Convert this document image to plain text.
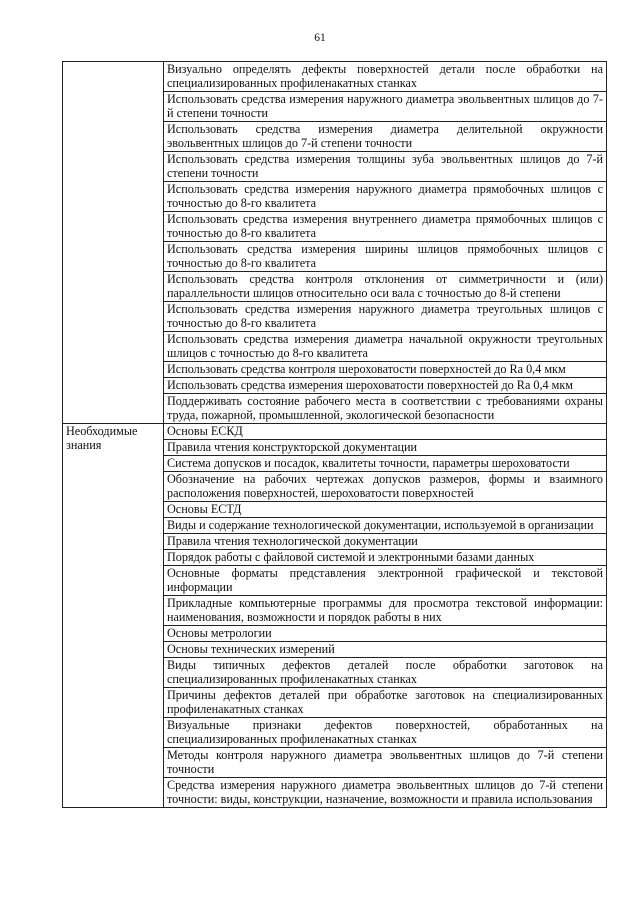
61
	Визуально определять дефекты поверхностей детали после обработки на специализированных профиленакатных станках
	Использовать средства измерения наружного диаметра эвольвентных шлицов до 7-й степени точности
	Использовать средства измерения диаметра делительной окружности эвольвентных шлицов до 7-й степени точности
	Использовать средства измерения толщины зуба эвольвентных шлицов до 7-й степени точности
	Использовать средства измерения наружного диаметра прямобочных шлицов с точностью до 8-го квалитета
	Использовать средства измерения внутреннего диаметра прямобочных шлицов с точностью до 8-го квалитета
	Использовать средства измерения ширины шлицов прямобочных шлицов с точностью до 8-го квалитета
	Использовать средства контроля отклонения от симметричности и (или) параллельности шлицов относительно оси вала с точностью до 8-й степени
	Использовать средства измерения наружного диаметра треугольных шлицов с точностью до 8-го квалитета
	Использовать средства измерения диаметра начальной окружности треугольных шлицов с точностью до 8-го квалитета
	Использовать средства контроля шероховатости поверхностей до Ra 0,4 мкм
	Использовать средства измерения шероховатости поверхностей до Ra 0,4 мкм
	Поддерживать состояние рабочего места в соответствии с требованиями охраны труда, пожарной, промышленной, экологической безопасности
Необходимые знания	Основы ЕСКД
	Правила чтения конструкторской документации
	Система допусков и посадок, квалитеты точности, параметры шероховатости
	Обозначение на рабочих чертежах допусков размеров, формы и взаимного расположения поверхностей, шероховатости поверхностей
	Основы ЕСТД
	Виды и содержание технологической документации, используемой в организации
	Правила чтения технологической документации
	Порядок работы с файловой системой и электронными базами данных
	Основные форматы представления электронной графической и текстовой информации
	Прикладные компьютерные программы для просмотра текстовой информации: наименования, возможности и порядок работы в них
	Основы метрологии
	Основы технических измерений
	Виды типичных дефектов деталей после обработки заготовок на специализированных профиленакатных станках
	Причины дефектов деталей при обработке заготовок на специализированных профиленакатных станках
	Визуальные признаки дефектов поверхностей, обработанных на специализированных профиленакатных станках
	Методы контроля наружного диаметра эвольвентных шлицов до 7-й степени точности
	Средства измерения наружного диаметра эвольвентных шлицов до 7-й степени точности: виды, конструкции, назначение, возможности и правила использования
